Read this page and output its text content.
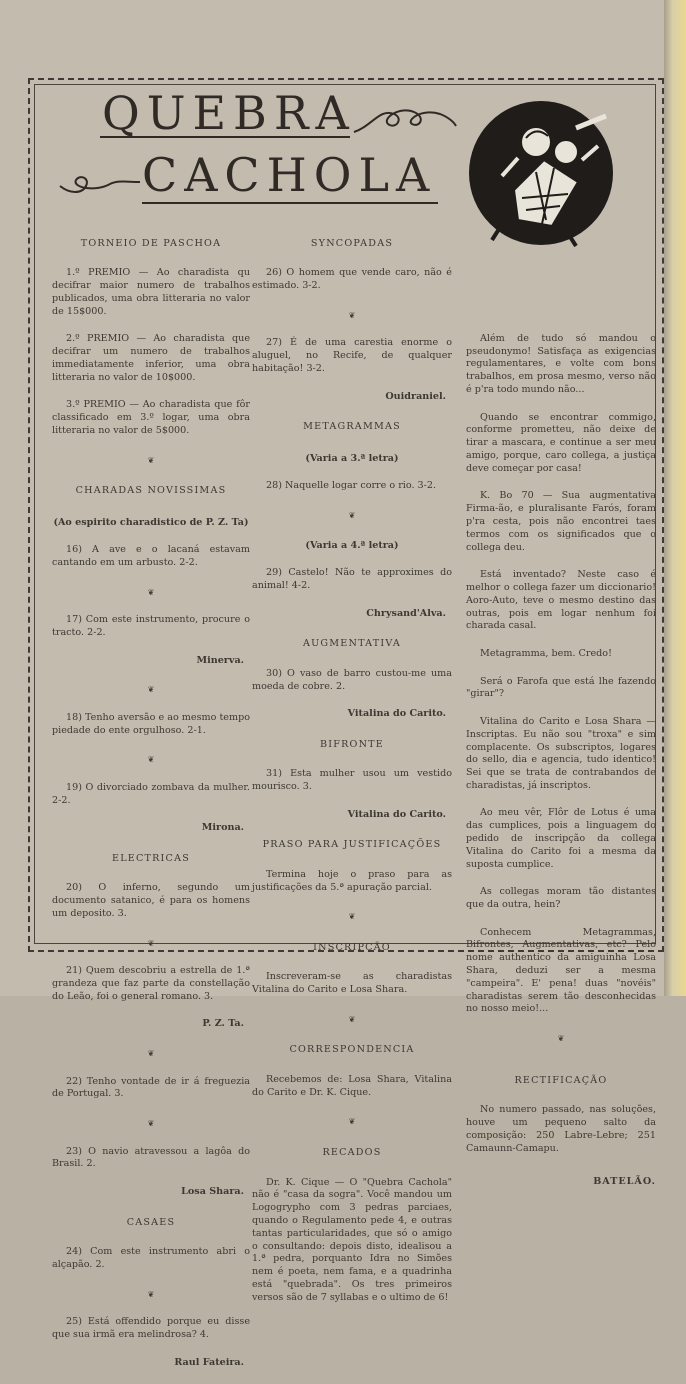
QUEBRA
CACHOLA

TORNEIO DE PASCHOA

1.º PREMIO — Ao charadista qu decifrar maior numero de trabalhos publicados, uma obra litteraria no valor de 15$000.

2.º PREMIO — Ao charadista que decifrar um numero de trabalhos immediatamente inferior, uma obra litteraria no valor de 10$000.

3.º PREMIO — Ao charadista que fôr classificado em 3.º logar, uma obra litteraria no valor de 5$000.

❦

CHARADAS NOVISSIMAS

(Ao espirito charadistico de P. Z. Ta)

16) A ave e o lacaná estavam cantando em um arbusto. 2-2.

❦

17) Com este instrumento, procure o tracto. 2-2.

Minerva.

❦

18) Tenho aversão e ao mesmo tempo piedade do ente orgulhoso. 2-1.

❦

19) O divorciado zombava da mulher. 2-2.

Mirona.

ELECTRICAS

20) O inferno, segundo um documento satanico, é para os homens um deposito. 3.

❦

21) Quem descobriu a estrella de 1.ª grandeza que faz parte da constellação do Leão, foi o general romano. 3.

P. Z. Ta.

❦

22) Tenho vontade de ir á freguezia de Portugal. 3.

❦

23) O navio atravessou a lagôa do Brasil. 2.

Losa Shara.

CASAES

24) Com este instrumento abri o alçapão. 2.

❦

25) Está offendido porque eu disse que sua irmã era melindrosa? 4.

Raul Fateira.

SYNCOPADAS

26) O homem que vende caro, não é estimado. 3-2.

❦

27) É de uma carestia enorme o aluguel, no Recife, de qualquer habitação! 3-2.

Ouidraniel.

METAGRAMMAS

(Varia a 3.ª letra)

28) Naquelle logar corre o rio. 3-2.

❦

(Varia a 4.ª letra)

29) Castelo! Não te approximes do animal! 4-2.

Chrysand'Alva.

AUGMENTATIVA

30) O vaso de barro custou-me uma moeda de cobre. 2.

Vitalina do Carito.

BIFRONTE

31) Esta mulher usou um vestido mourisco. 3.

Vitalina do Carito.

PRASO PARA JUSTIFICAÇÕES

Termina hoje o praso para as justificações da 5.ª apuração parcial.

❦

INSCRIPÇÃO

Inscreveram-se as charadistas Vitalina do Carito e Losa Shara.

❦

CORRESPONDENCIA

Recebemos de: Losa Shara, Vitalina do Carito e Dr. K. Cique.

❦

RECADOS

Dr. K. Cique — O "Quebra Cachola" não é "casa da sogra". Você mandou um Logogrypho com 3 pedras parciaes, quando o Regulamento pede 4, e outras tantas particularidades, que só o amigo o consultando: depois disto, idealisou a 1.ª pedra, porquanto Idra no Simões nem é poeta, nem fama, e a quadrinha está "quebrada". Os tres primeiros versos são de 7 syllabas e o ultimo de 6!

Além de tudo só mandou o pseudonymo! Satisfaça as exigencias regulamentares, e volte com bons trabalhos, em prosa mesmo, verso não é p'ra todo mundo não...

Quando se encontrar commigo, conforme prometteu, não deixe de tirar a mascara, e continue a ser meu amigo, porque, caro collega, a justiça deve começar por casa!

K. Bo 70 — Sua augmentativa Firma-ão, e pluralisante Farós, foram p'ra cesta, pois não encontrei taes termos com os significados que o collega deu.

Está inventado? Neste caso é melhor o collega fazer um diccionario! Aoro-Auto, teve o mesmo destino das outras, pois em logar nenhum foi charada casal.

Metagramma, bem. Credo!

Será o Farofa que está lhe fazendo "girar"?

Vitalina do Carito e Losa Shara — Inscriptas. Eu não sou "troxa" e sim complacente. Os subscriptos, logares do sello, dia e agencia, tudo identico! Sei que se trata de contrabandos de charadistas, já inscriptos.

Ao meu vêr, Flôr de Lotus é uma das cumplices, pois a linguagem do pedido de inscripção da collega Vitalina do Carito foi a mesma da suposta cumplice.

As collegas moram tão distantes que da outra, hein?

Conhecem Metagrammas, Bifrontes, Augmentativas, etc? Pelo nome authentico da amiguinha Losa Shara, deduzi ser a mesma "campeira". E' pena! duas "novéis" charadistas serem tão desconhecidas no nosso meio!...

❦

RECTIFICAÇÃO

No numero passado, nas soluções, houve um pequeno salto da composição: 250 Labre-Lebre; 251 Camaunn-Camapu.

BATELÃO.
